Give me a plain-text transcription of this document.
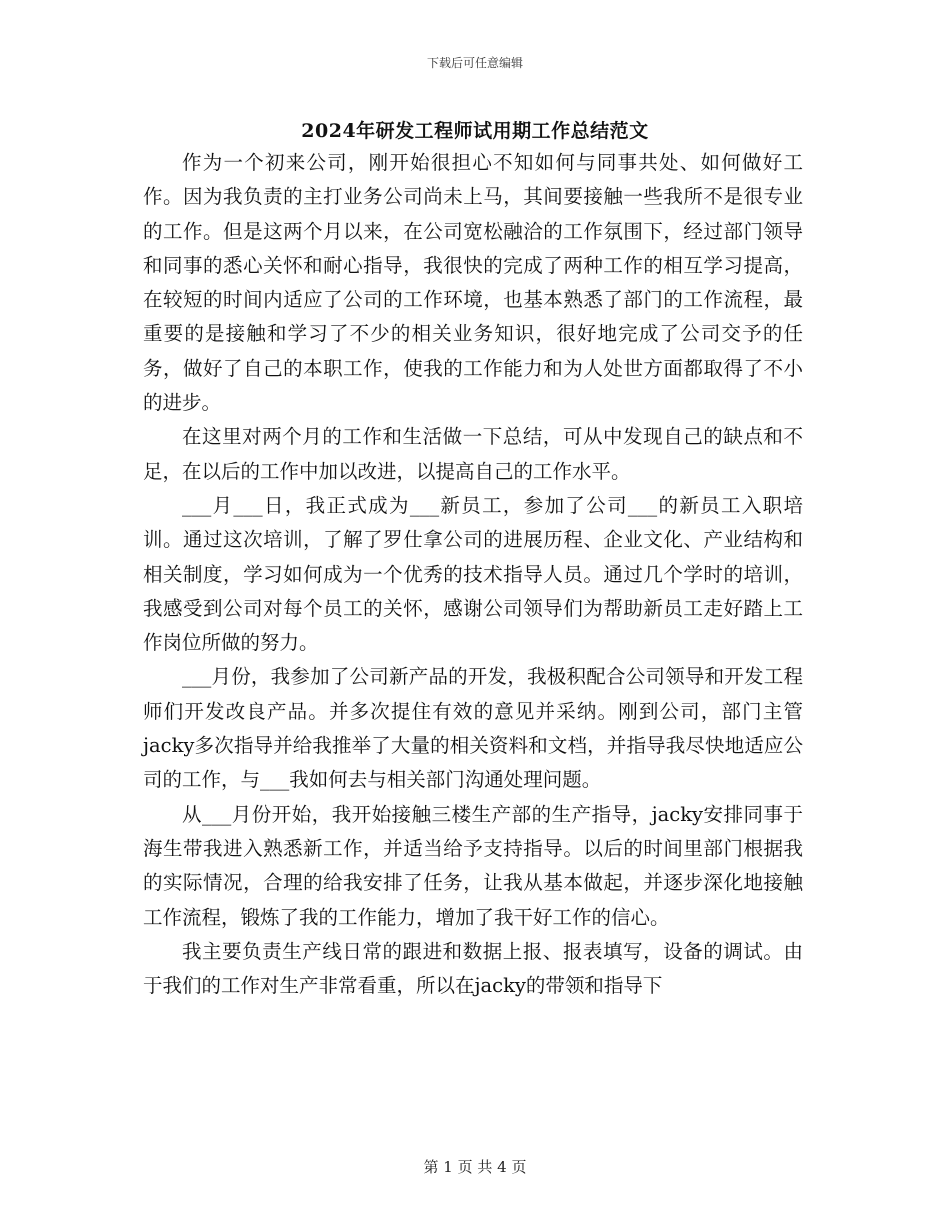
下载后可任意编辑
2024年研发工程师试用期工作总结范文

作为一个初来公司，刚开始很担心不知如何与同事共处、如何做好工作。因为我负责的主打业务公司尚未上马，其间要接触一些我所不是很专业的工作。但是这两个月以来，在公司宽松融洽的工作氛围下，经过部门领导和同事的悉心关怀和耐心指导，我很快的完成了两种工作的相互学习提高，在较短的时间内适应了公司的工作环境，也基本熟悉了部门的工作流程，最重要的是接触和学习了不少的相关业务知识，很好地完成了公司交予的任务，做好了自己的本职工作，使我的工作能力和为人处世方面都取得了不小的进步。

在这里对两个月的工作和生活做一下总结，可从中发现自己的缺点和不足，在以后的工作中加以改进，以提高自己的工作水平。

___月___日，我正式成为___新员工，参加了公司___的新员工入职培训。通过这次培训，了解了罗仕拿公司的进展历程、企业文化、产业结构和相关制度，学习如何成为一个优秀的技术指导人员。通过几个学时的培训，我感受到公司对每个员工的关怀，感谢公司领导们为帮助新员工走好踏上工作岗位所做的努力。

___月份，我参加了公司新产品的开发，我极积配合公司领导和开发工程师们开发改良产品。并多次提住有效的意见并采纳。刚到公司，部门主管jacky多次指导并给我推举了大量的相关资料和文档，并指导我尽快地适应公司的工作，与___我如何去与相关部门沟通处理问题。

从___月份开始，我开始接触三楼生产部的生产指导，jacky安排同事于海生带我进入熟悉新工作，并适当给予支持指导。以后的时间里部门根据我的实际情况，合理的给我安排了任务，让我从基本做起，并逐步深化地接触工作流程，锻炼了我的工作能力，增加了我干好工作的信心。

我主要负责生产线日常的跟进和数据上报、报表填写，设备的调试。由于我们的工作对生产非常看重，所以在jacky的带领和指导下

第 1 页 共 4 页
